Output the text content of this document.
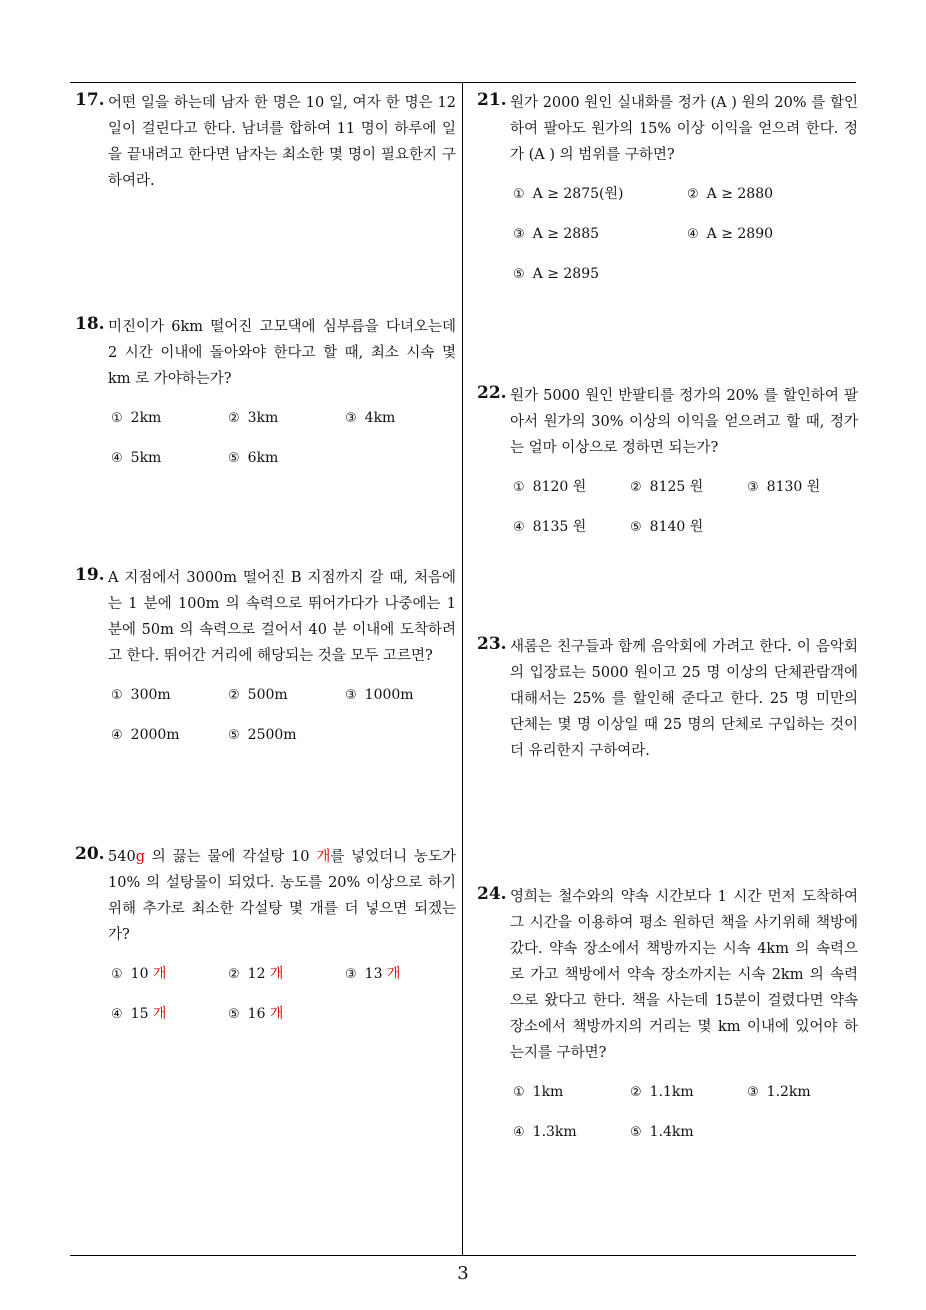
17. 어떤 일을 하는데 남자 한 명은 10 일, 여자 한 명은 12 일이 걸린다고 한다. 남녀를 합하여 11 명이 하루에 일을 끝내려고 한다면 남자는 최소한 몇 명이 필요한지 구하여라.
18. 미진이가 6km 떨어진 고모댁에 심부름을 다녀오는데 2 시간 이내에 돌아와야 한다고 할 때, 최소 시속 몇 km 로 가야하는가?
① 2km	② 3km	③ 4km
④ 5km	⑤ 6km
19. A 지점에서 3000m 떨어진 B 지점까지 갈 때, 처음에는 1 분에 100m 의 속력으로 뛰어가다가 나중에는 1 분에 50m 의 속력으로 걸어서 40 분 이내에 도착하려고 한다. 뛰어간 거리에 해당되는 것을 모두 고르면?
① 300m	② 500m	③ 1000m
④ 2000m	⑤ 2500m
20. 540g 의 끓는 물에 각설탕 10 개를 넣었더니 농도가 10% 의 설탕물이 되었다. 농도를 20% 이상으로 하기 위해 추가로 최소한 각설탕 몇 개를 더 넣으면 되겠는가?
① 10 개	② 12 개	③ 13 개
④ 15 개	⑤ 16 개
21. 원가 2000 원인 실내화를 정가 (A ) 원의 20% 를 할인하여 팔아도 원가의 15% 이상 이익을 얻으려 한다. 정가 (A ) 의 범위를 구하면?
① A ≥ 2875(원)	② A ≥ 2880
③ A ≥ 2885	④ A ≥ 2890
⑤ A ≥ 2895
22. 원가 5000 원인 반팔티를 정가의 20% 를 할인하여 팔아서 원가의 30% 이상의 이익을 얻으려고 할 때, 정가는 얼마 이상으로 정하면 되는가?
① 8120 원	② 8125 원	③ 8130 원
④ 8135 원	⑤ 8140 원
23. 새롬은 친구들과 함께 음악회에 가려고 한다. 이 음악회의 입장료는 5000 원이고 25 명 이상의 단체관람객에 대해서는 25% 를 할인해 준다고 한다. 25 명 미만의 단체는 몇 명 이상일 때 25 명의 단체로 구입하는 것이 더 유리한지 구하여라.
24. 영희는 철수와의 약속 시간보다 1 시간 먼저 도착하여 그 시간을 이용하여 평소 원하던 책을 사기위해 책방에 갔다. 약속 장소에서 책방까지는 시속 4km 의 속력으로 가고 책방에서 약속 장소까지는 시속 2km 의 속력으로 왔다고 한다. 책을 사는데 15분이 걸렸다면 약속 장소에서 책방까지의 거리는 몇 km 이내에 있어야 하는지를 구하면?
① 1km	② 1.1km	③ 1.2km
④ 1.3km	⑤ 1.4km
3
